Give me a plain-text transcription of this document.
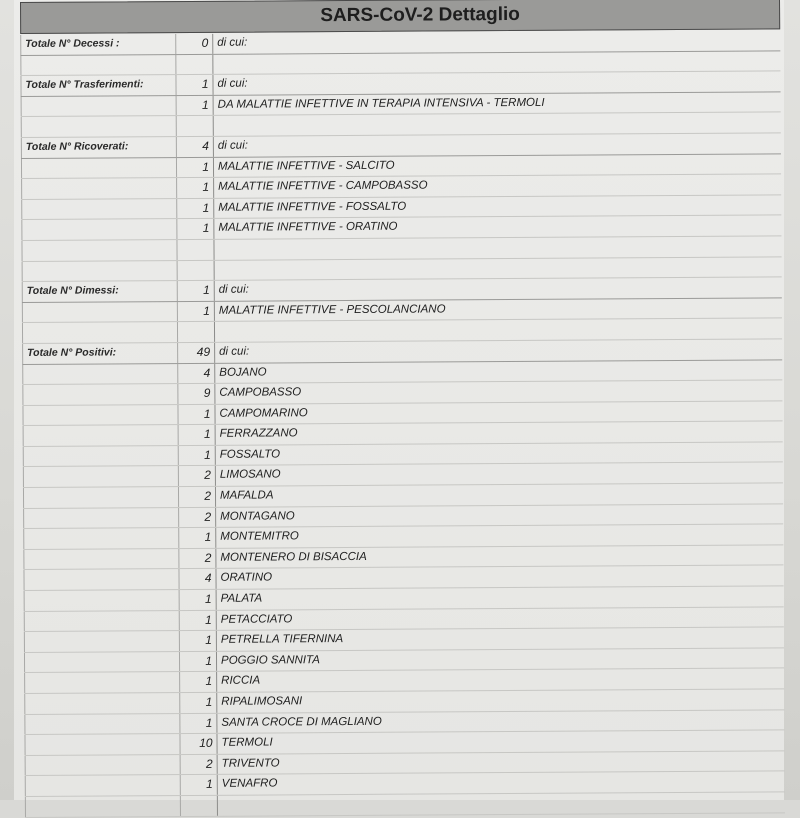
SARS-CoV-2 Dettaglio
Totale N° Decessi :	0 di cui:
Totale N° Trasferimenti:	1 di cui:
1 DA MALATTIE INFETTIVE IN TERAPIA INTENSIVA - TERMOLI
Totale N° Ricoverati:	4 di cui:
1 MALATTIE INFETTIVE - SALCITO
1 MALATTIE INFETTIVE - CAMPOBASSO
1 MALATTIE INFETTIVE - FOSSALTO
1 MALATTIE INFETTIVE - ORATINO
Totale N° Dimessi:	1 di cui:
1 MALATTIE INFETTIVE - PESCOLANCIANO
Totale N° Positivi:	49 di cui:
4 BOJANO
9 CAMPOBASSO
1 CAMPOMARINO
1 FERRAZZANO
1 FOSSALTO
2 LIMOSANO
2 MAFALDA
2 MONTAGANO
1 MONTEMITRO
2 MONTENERO DI BISACCIA
4 ORATINO
1 PALATA
1 PETACCIATO
1 PETRELLA TIFERNINA
1 POGGIO SANNITA
1 RICCIA
1 RIPALIMOSANI
1 SANTA CROCE DI MAGLIANO
10 TERMOLI
2 TRIVENTO
1 VENAFRO
